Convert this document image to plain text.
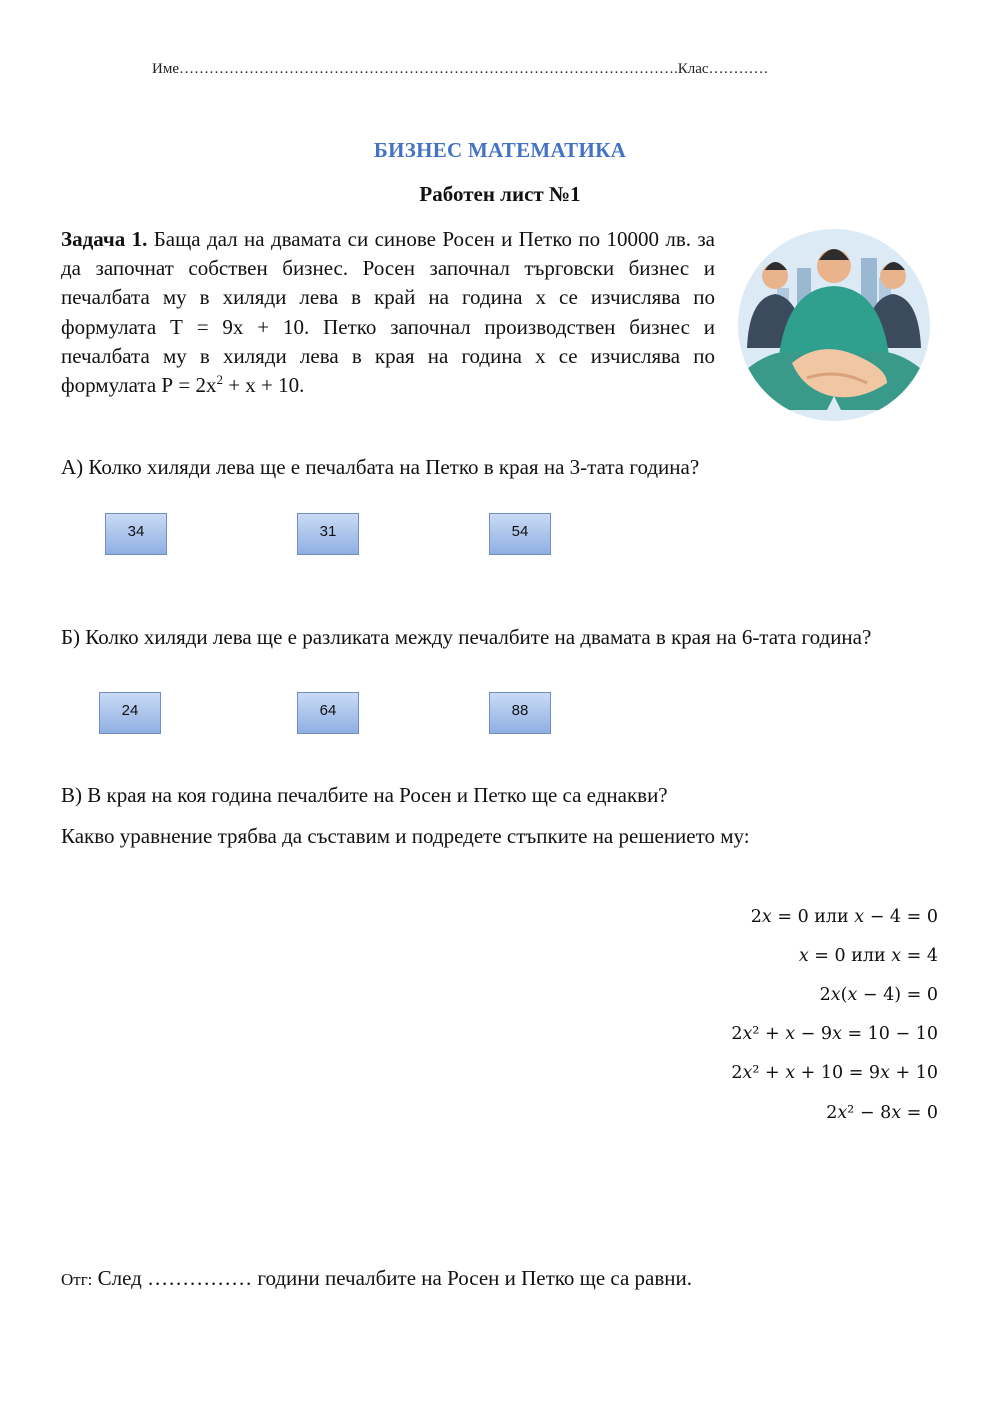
Име……………………………………………………………………………………….Клас…………
БИЗНЕС МАТЕМАТИКА
Работен лист №1
Задача 1. Баща дал на двамата си синове Росен и Петко по 10000 лв. за да започнат собствен бизнес. Росен започнал търговски бизнес и печалбата му в хиляди лева в край на година х се изчислява по формулата Т = 9х + 10. Петко започнал производствен бизнес и печалбата му в хиляди лева в края на година х се изчислява по формулата $Р = 2х^2 + х + 10$.
А) Колко хиляди лева ще е печалбата на Петко в края на 3-тата година?
34	31	54
Б) Колко хиляди лева ще е разликата между печалбите на двамата в края на 6-тата година?
24	64	88
В) В края на коя година печалбите на Росен и Петко ще са еднакви?
Какво уравнение трябва да съставим и подредете стъпките на решението му:
2𝑥 = 0 или 𝑥 − 4 = 0
𝑥 = 0 или 𝑥 = 4
2𝑥(𝑥 − 4) = 0
2𝑥² + 𝑥 − 9𝑥 = 10 − 10
2𝑥² + 𝑥 + 10 = 9𝑥 + 10
2𝑥² − 8𝑥 = 0
Отг: След …………… години печалбите на Росен и Петко ще са равни.
